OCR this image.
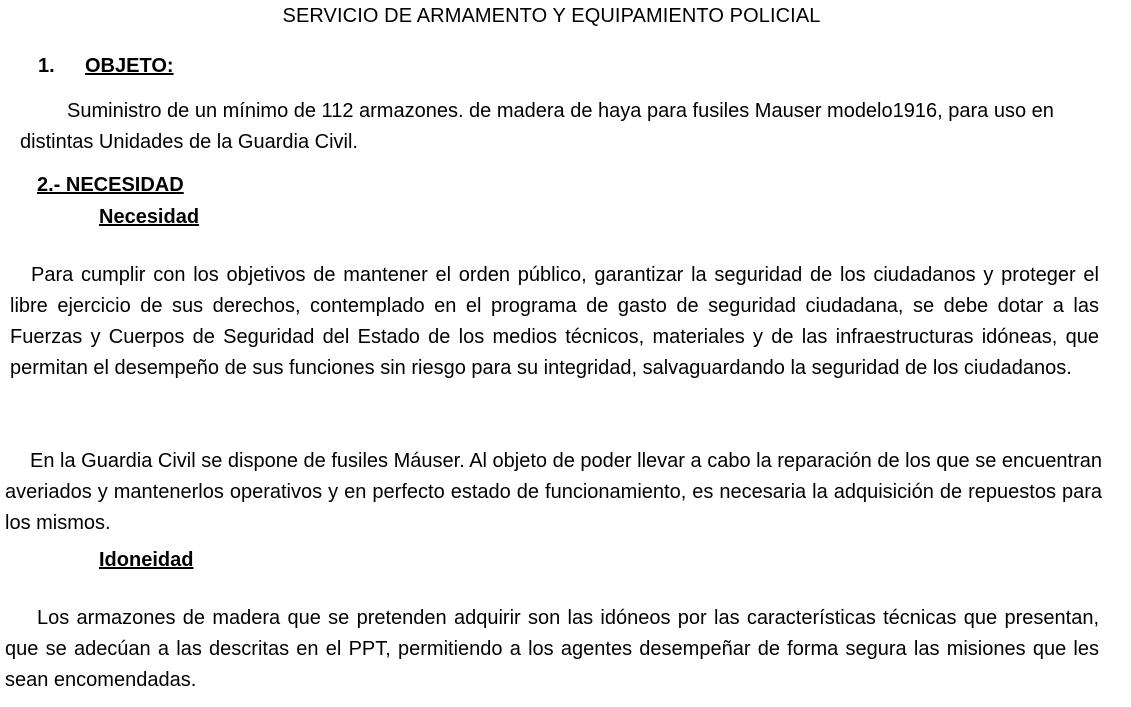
SERVICIO DE ARMAMENTO Y EQUIPAMIENTO POLICIAL
1. OBJETO:
Suministro de un mínimo de 112 armazones. de madera de haya para fusiles Mauser modelo1916, para uso en distintas Unidades de la Guardia Civil.
2.- NECESIDAD
Necesidad
Para cumplir con los objetivos de mantener el orden público, garantizar la seguridad de los ciudadanos y proteger el libre ejercicio de sus derechos, contemplado en el programa de gasto de seguridad ciudadana, se debe dotar a las Fuerzas y Cuerpos de Seguridad del Estado de los medios técnicos, materiales y de las infraestructuras idóneas, que permitan el desempeño de sus funciones sin riesgo para su integridad, salvaguardando la seguridad de los ciudadanos.
En la Guardia Civil se dispone de fusiles Máuser. Al objeto de poder llevar a cabo la reparación de los que se encuentran averiados y mantenerlos operativos y en perfecto estado de funcionamiento, es necesaria la adquisición de repuestos para los mismos.
Idoneidad
Los armazones de madera que se pretenden adquirir son las idóneos por las características técnicas que presentan, que se adecúan a las descritas en el PPT, permitiendo a los agentes desempeñar de forma segura las misiones que les sean encomendadas.
